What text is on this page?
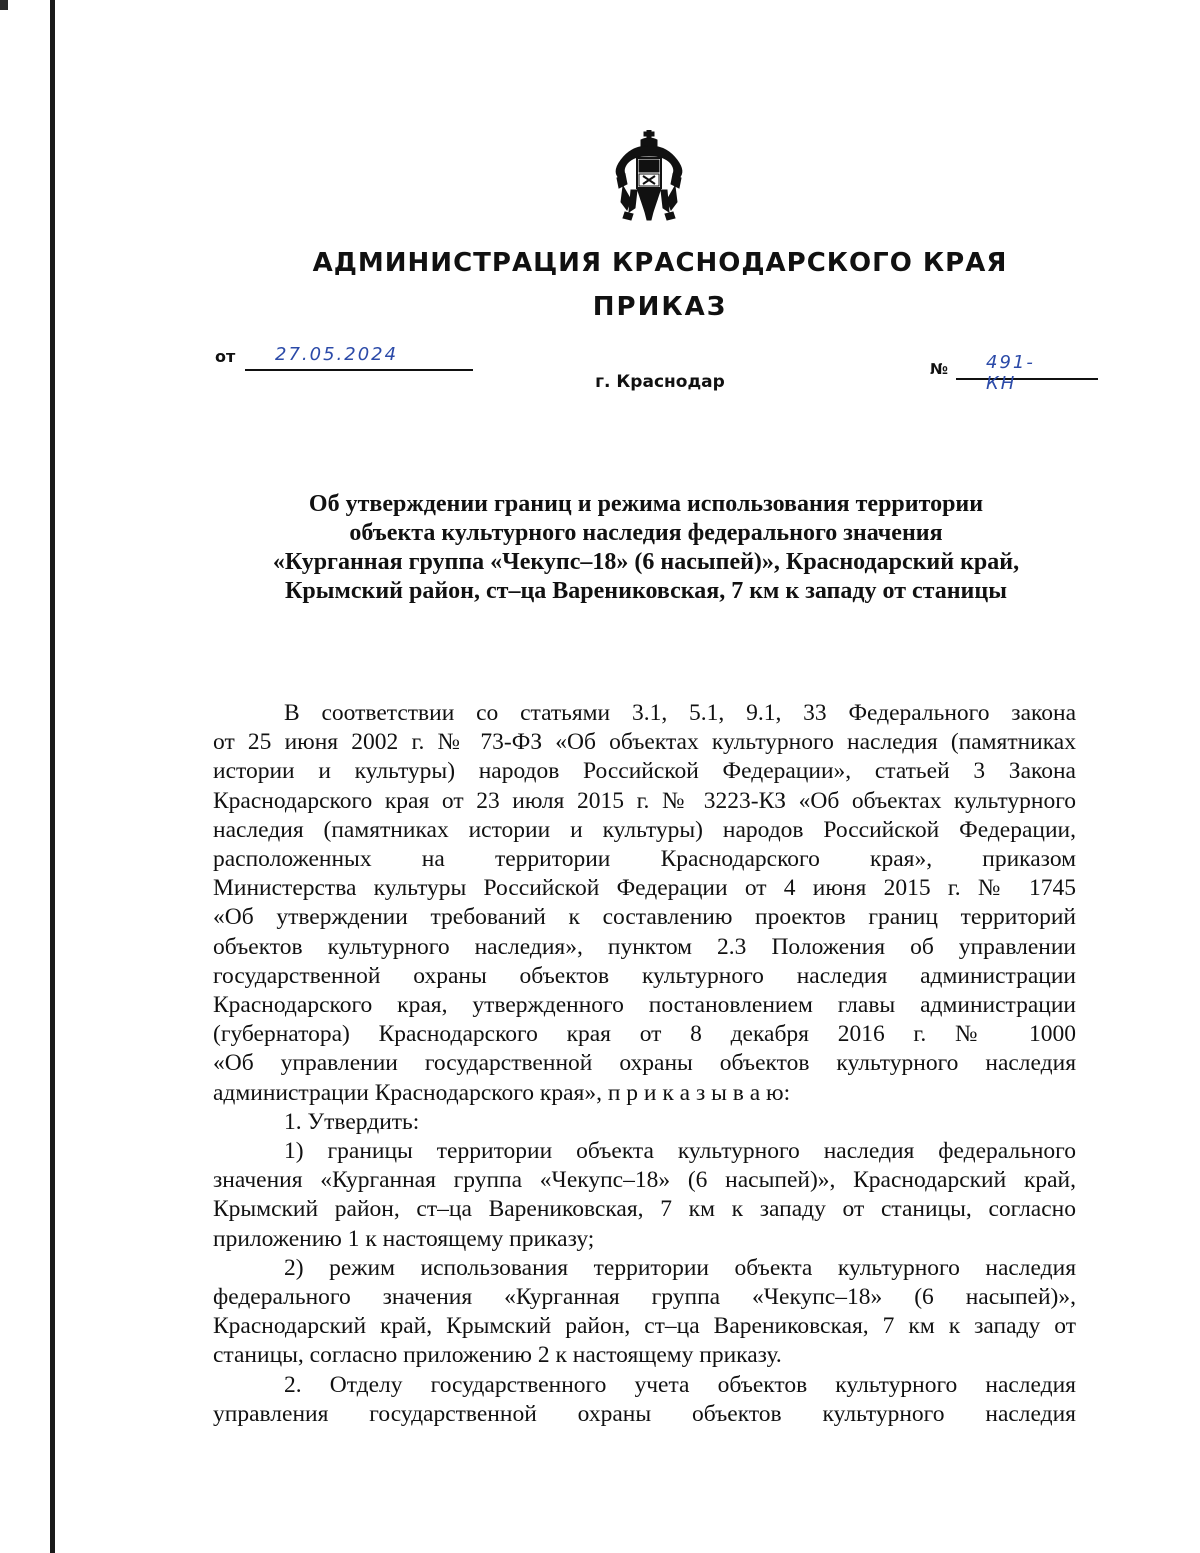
АДМИНИСТРАЦИЯ КРАСНОДАРСКОГО КРАЯ
ПРИКАЗ
от 27.05.2024
г. Краснодар
№ 491-КН
Об утверждении границ и режима использования территории
объекта культурного наследия федерального значения
«Курганная группа «Чекупс–18» (6 насыпей)», Краснодарский край,
Крымский район, ст–ца Варениковская, 7 км к западу от станицы
В соответствии со статьями 3.1, 5.1, 9.1, 33 Федерального закона
от 25 июня 2002 г. № 73-ФЗ «Об объектах культурного наследия (памятниках
истории и культуры) народов Российской Федерации», статьей 3 Закона
Краснодарского края от 23 июля 2015 г. № 3223-КЗ «Об объектах культурного
наследия (памятниках истории и культуры) народов Российской Федерации,
расположенных на территории Краснодарского края», приказом
Министерства культуры Российской Федерации от 4 июня 2015 г. № 1745
«Об утверждении требований к составлению проектов границ территорий
объектов культурного наследия», пунктом 2.3 Положения об управлении
государственной охраны объектов культурного наследия администрации
Краснодарского края, утвержденного постановлением главы администрации
(губернатора) Краснодарского края от 8 декабря 2016 г. № 1000
«Об управлении государственной охраны объектов культурного наследия
администрации Краснодарского края», п р и к а з ы в а ю:
1. Утвердить:
1) границы территории объекта культурного наследия федерального
значения «Курганная группа «Чекупс–18» (6 насыпей)», Краснодарский край,
Крымский район, ст–ца Варениковская, 7 км к западу от станицы, согласно
приложению 1 к настоящему приказу;
2) режим использования территории объекта культурного наследия
федерального значения «Курганная группа «Чекупс–18» (6 насыпей)»,
Краснодарский край, Крымский район, ст–ца Варениковская, 7 км к западу от
станицы, согласно приложению 2 к настоящему приказу.
2. Отделу государственного учета объектов культурного наследия
управления государственной охраны объектов культурного наследия
